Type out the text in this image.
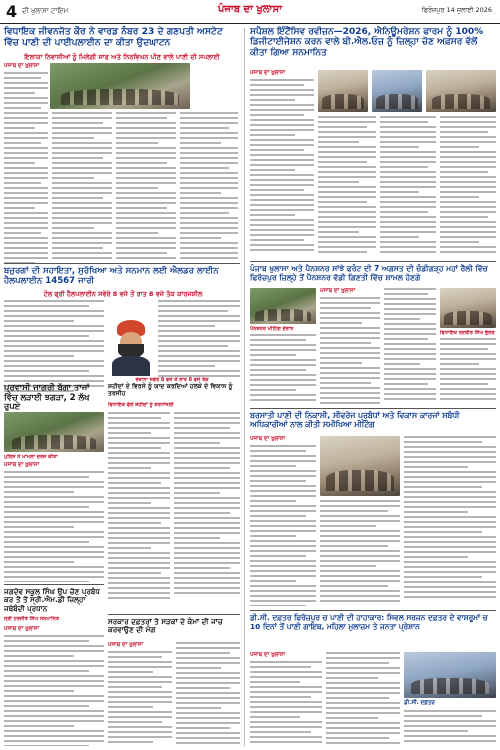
4 ਦੀ ਖੁਲਾਸਾ ਟਾਇਮ	ਪੰਜਾਬ ਦਾ ਖੁਲਾਸਾ	ਫਿਰੋਜ਼ਪੁਰ 14 ਜੁਲਾਈ 2026
ਵਿਧਾਇਕ ਜੀਵਨਜੋਤ ਕੌਰ ਨੇ ਵਾਰਡ ਨੰਬਰ 23 ਦੇ ਗਣਪਤੀ ਅਸਟੇਟ ਵਿੱਚ ਪਾਣੀ ਦੀ ਪਾਈਪਲਾਈਨ ਦਾ ਕੀਤਾ ਉਦਘਾਟਨ
ਇਲਾਕਾ ਨਿਵਾਸੀਆਂ ਨੂੰ ਮਿਲੇਗੀ ਸਾਫ ਅਤੇ ਨਿਰਵਿਘਨ ਪੀਣ ਵਾਲੇ ਪਾਣੀ ਦੀ ਸਪਲਾਈ
ਪੰਜਾਬ ਦਾ ਖੁਲਾਸਾ
ਬਜ਼ੁਰਗਾਂ ਦੀ ਸਹਾਇਤਾ, ਸੁਰੱਖਿਆ ਅਤੇ ਸਨਮਾਨ ਲਈ ਐਲਡਰ ਲਾਈਨ ਹੈਲਪਲਾਈਨ 14567 ਜਾਰੀ
ਟੋਲ ਫ੍ਰੀ ਹੈਲਪਲਾਈਨ ਸਵੇਰੇ 8 ਵਜੇ ਤੋਂ ਰਾਤ 8 ਵਜੇ ਤੱਕ ਕਾਰਜਸ਼ੀਲ
ਰੋਜ਼ਾਨਾ ਸਵੇਰੇ 8 ਵਜੇ ਤੋਂ ਰਾਤ 8 ਵਜੇ ਤੱਕ
ਪ੍ਰਵਾਸੀ ਜਾਗਰੀ ਬੱਗਾ ਤਾਜਾਂ ਵਿੱਚ ਲੜਾਈ ਝਗੜਾ, 2 ਲੱਖ ਰੁਪਏ
ਸ਼ਹੀਦਾਂ ਦੇ ਵਿਰਸੇ ਨੂੰ ਯਾਦ ਕਰਦਿਆਂ ਹਲਕੇ ਦੇ ਵਿਕਾਸ ਨੂੰ ਤਰਜੀਹ
ਵਿਧਾਇਕ ਵੱਲੋਂ ਸ਼ਹੀਦਾਂ ਨੂੰ ਸ਼ਰਧਾਂਜਲੀ
ਪੁਲਿਸ ਨੇ ਮਾਮਲਾ ਦਰਜ ਕੀਤਾ
ਪੰਜਾਬ ਦਾ ਖੁਲਾਸਾ
ਜਗਦੇਵ ਸਕੂਲ ਸਿੰਘ ਉਪ ਚੋਣ ਪ੍ਰਬੰਧ ਕਰ ਤੋਂ ਤੋਂ ਸ੍ਰੀ.ਐਮ.ਡੀ ਜ਼ਿਲ੍ਹਾ ਜਥੇਬੰਦੀ ਪ੍ਰਧਾਨ
ਸ੍ਰੀ ਹਰਜੀਤ ਸਿੰਘ ਸਨਮਾਨਿਤ
ਪੰਜਾਬ ਦਾ ਖੁਲਾਸਾ
ਸਰਕਾਰ ਦਫ਼ਤਰਾਂ ਤੇ ਸੜਕਾਂ ਦੇ ਕੰਮਾਂ ਦੀ ਜਾਂਚ ਕਰਵਾਉਣ ਦੀ ਮੰਗ
ਪੰਜਾਬ ਦਾ ਖੁਲਾਸਾ
ਸਪੈਸ਼ਲ ਇੰਟੈਂਸਿਵ ਰਵੀਜ਼ਨ—2026, ਐਨਿਊਮਰੇਸ਼ਨ ਫਾਰਮ ਨੂੰ 100% ਡਿਜੀਟਾਈਜੇਸ਼ਨ ਕਰਨ ਵਾਲੇ ਬੀ.ਐਲ.ਓਜ਼ ਨੂੰ ਜ਼ਿਲ੍ਹਾ ਚੋਣ ਅਫ਼ਸਰ ਵੱਲੋਂ ਕੀਤਾ ਗਿਆ ਸਨਮਾਨਿਤ
ਪੰਜਾਬ ਦਾ ਖੁਲਾਸਾ
ਪੰਜਾਬ ਖੁਲਾਸਾ ਅਤੇ ਪੈਨਸ਼ਨਰ ਸਾਂਝੇ ਫਰੰਟ ਦੀ 7 ਅਗਸਤ ਦੀ ਚੰਡੀਗੜ੍ਹ ਮਹਾਂ ਰੈਲੀ ਵਿੱਚ ਫਿਰੋਜ਼ਪੁਰ ਜ਼ਿਲ੍ਹੇ ਤੋਂ ਪੈਨਸ਼ਨਰ ਵੱਡੀ ਗਿਣਤੀ ਵਿੱਚ ਸ਼ਾਮਲ ਹੋਣਗੇ
ਪੈਨਸ਼ਨਰ ਮੀਟਿੰਗ ਦੌਰਾਨ
ਪੰਜਾਬ ਦਾ ਖੁਲਾਸਾ
ਵਿਧਾਇਕ ਰਣਬੀਰ ਸਿੰਘ ਭੁੱਲਰ
ਬਰਸਾਤੀ ਪਾਣੀ ਦੀ ਨਿਕਾਸੀ, ਸੀਵਰੇਜ ਪ੍ਰਬੰਧਾਂ ਅਤੇ ਵਿਕਾਸ ਕਾਰਜਾਂ ਸਬੰਧੀ ਅਧਿਕਾਰੀਆਂ ਨਾਲ ਕੀਤੀ ਸਮੀਖਿਆ ਮੀਟਿੰਗ
ਪੰਜਾਬ ਦਾ ਖੁਲਾਸਾ
ਡੀ.ਸੀ. ਦਫ਼ਤਰ ਫਿਰੋਜ਼ਪੁਰ ਚ ਪਾਣੀ ਦੀ ਹਾਹਾਕਾਰ: ਸਿਵਲ ਸਰਜਨ ਦਫ਼ਤਰ ਦੇ ਵਾਸ਼ਰੂਮਾਂ ਚ 10 ਦਿਨਾਂ ਤੋਂ ਪਾਣੀ ਗਾਇਬ, ਮਹਿਲਾ ਮੁਲਾਜ਼ਮ ਤੇ ਜਨਤਾ ਪ੍ਰੇਸ਼ਾਨ
ਡੀ.ਸੀ. ਦਫ਼ਤਰ
ਪੰਜਾਬ ਦਾ ਖੁਲਾਸਾ
